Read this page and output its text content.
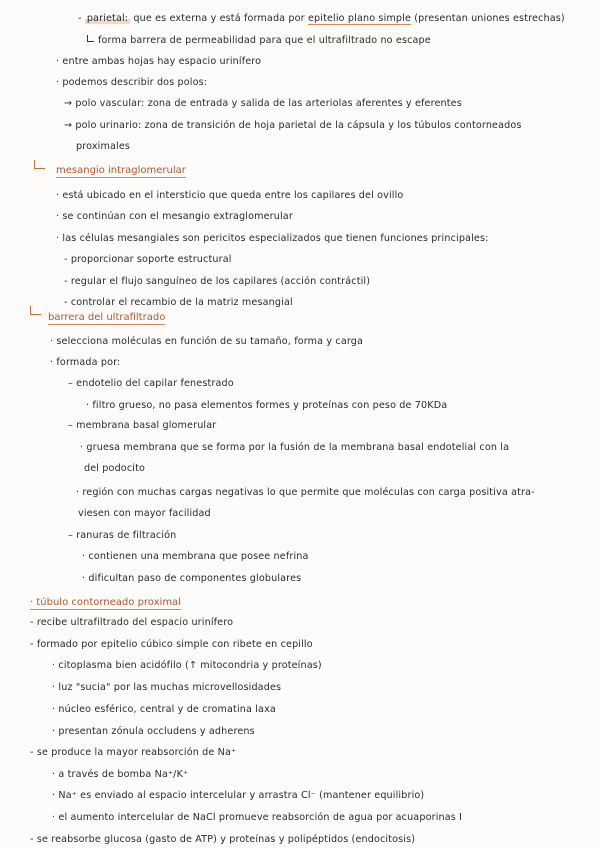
- parietal: que es externa y está formada por epitelio plano simple (presentan uniones estrechas)
forma barrera de permeabilidad para que el ultrafiltrado no escape
· entre ambas hojas hay espacio urinífero
· podemos describir dos polos:
→ polo vascular: zona de entrada y salida de las arteriolas aferentes y eferentes
→ polo urinario: zona de transición de hoja parietal de la cápsula y los túbulos contorneados
proximales
mesangio intraglomerular
· está ubicado en el intersticio que queda entre los capilares del ovillo
· se continúan con el mesangio extraglomerular
· las células mesangiales son pericitos especializados que tienen funciones principales:
- proporcionar soporte estructural
- regular el flujo sanguíneo de los capilares (acción contráctil)
- controlar el recambio de la matriz mesangial
barrera del ultrafiltrado
· selecciona moléculas en función de su tamaño, forma y carga
· formada por:
– endotelio del capilar fenestrado
· filtro grueso, no pasa elementos formes y proteínas con peso de 70KDa
– membrana basal glomerular
· gruesa membrana que se forma por la fusión de la membrana basal endotelial con la
del podocito
· región con muchas cargas negativas lo que permite que moléculas con carga positiva atra-
viesen con mayor facilidad
– ranuras de filtración
· contienen una membrana que posee nefrina
· dificultan paso de componentes globulares
· túbulo contorneado proximal
- recibe ultrafiltrado del espacio urinífero
- formado por epitelio cúbico simple con ribete en cepillo
· citoplasma bien acidófilo (↑ mitocondria y proteínas)
· luz "sucia" por las muchas microvellosidades
· núcleo esférico, central y de cromatina laxa
· presentan zónula occludens y adherens
- se produce la mayor reabsorción de Na⁺
· a través de bomba Na⁺/K⁺
· Na⁺ es enviado al espacio intercelular y arrastra Cl⁻ (mantener equilibrio)
· el aumento intercelular de NaCl promueve reabsorción de agua por acuaporinas I
- se reabsorbe glucosa (gasto de ATP) y proteínas y polipéptidos (endocitosis)
